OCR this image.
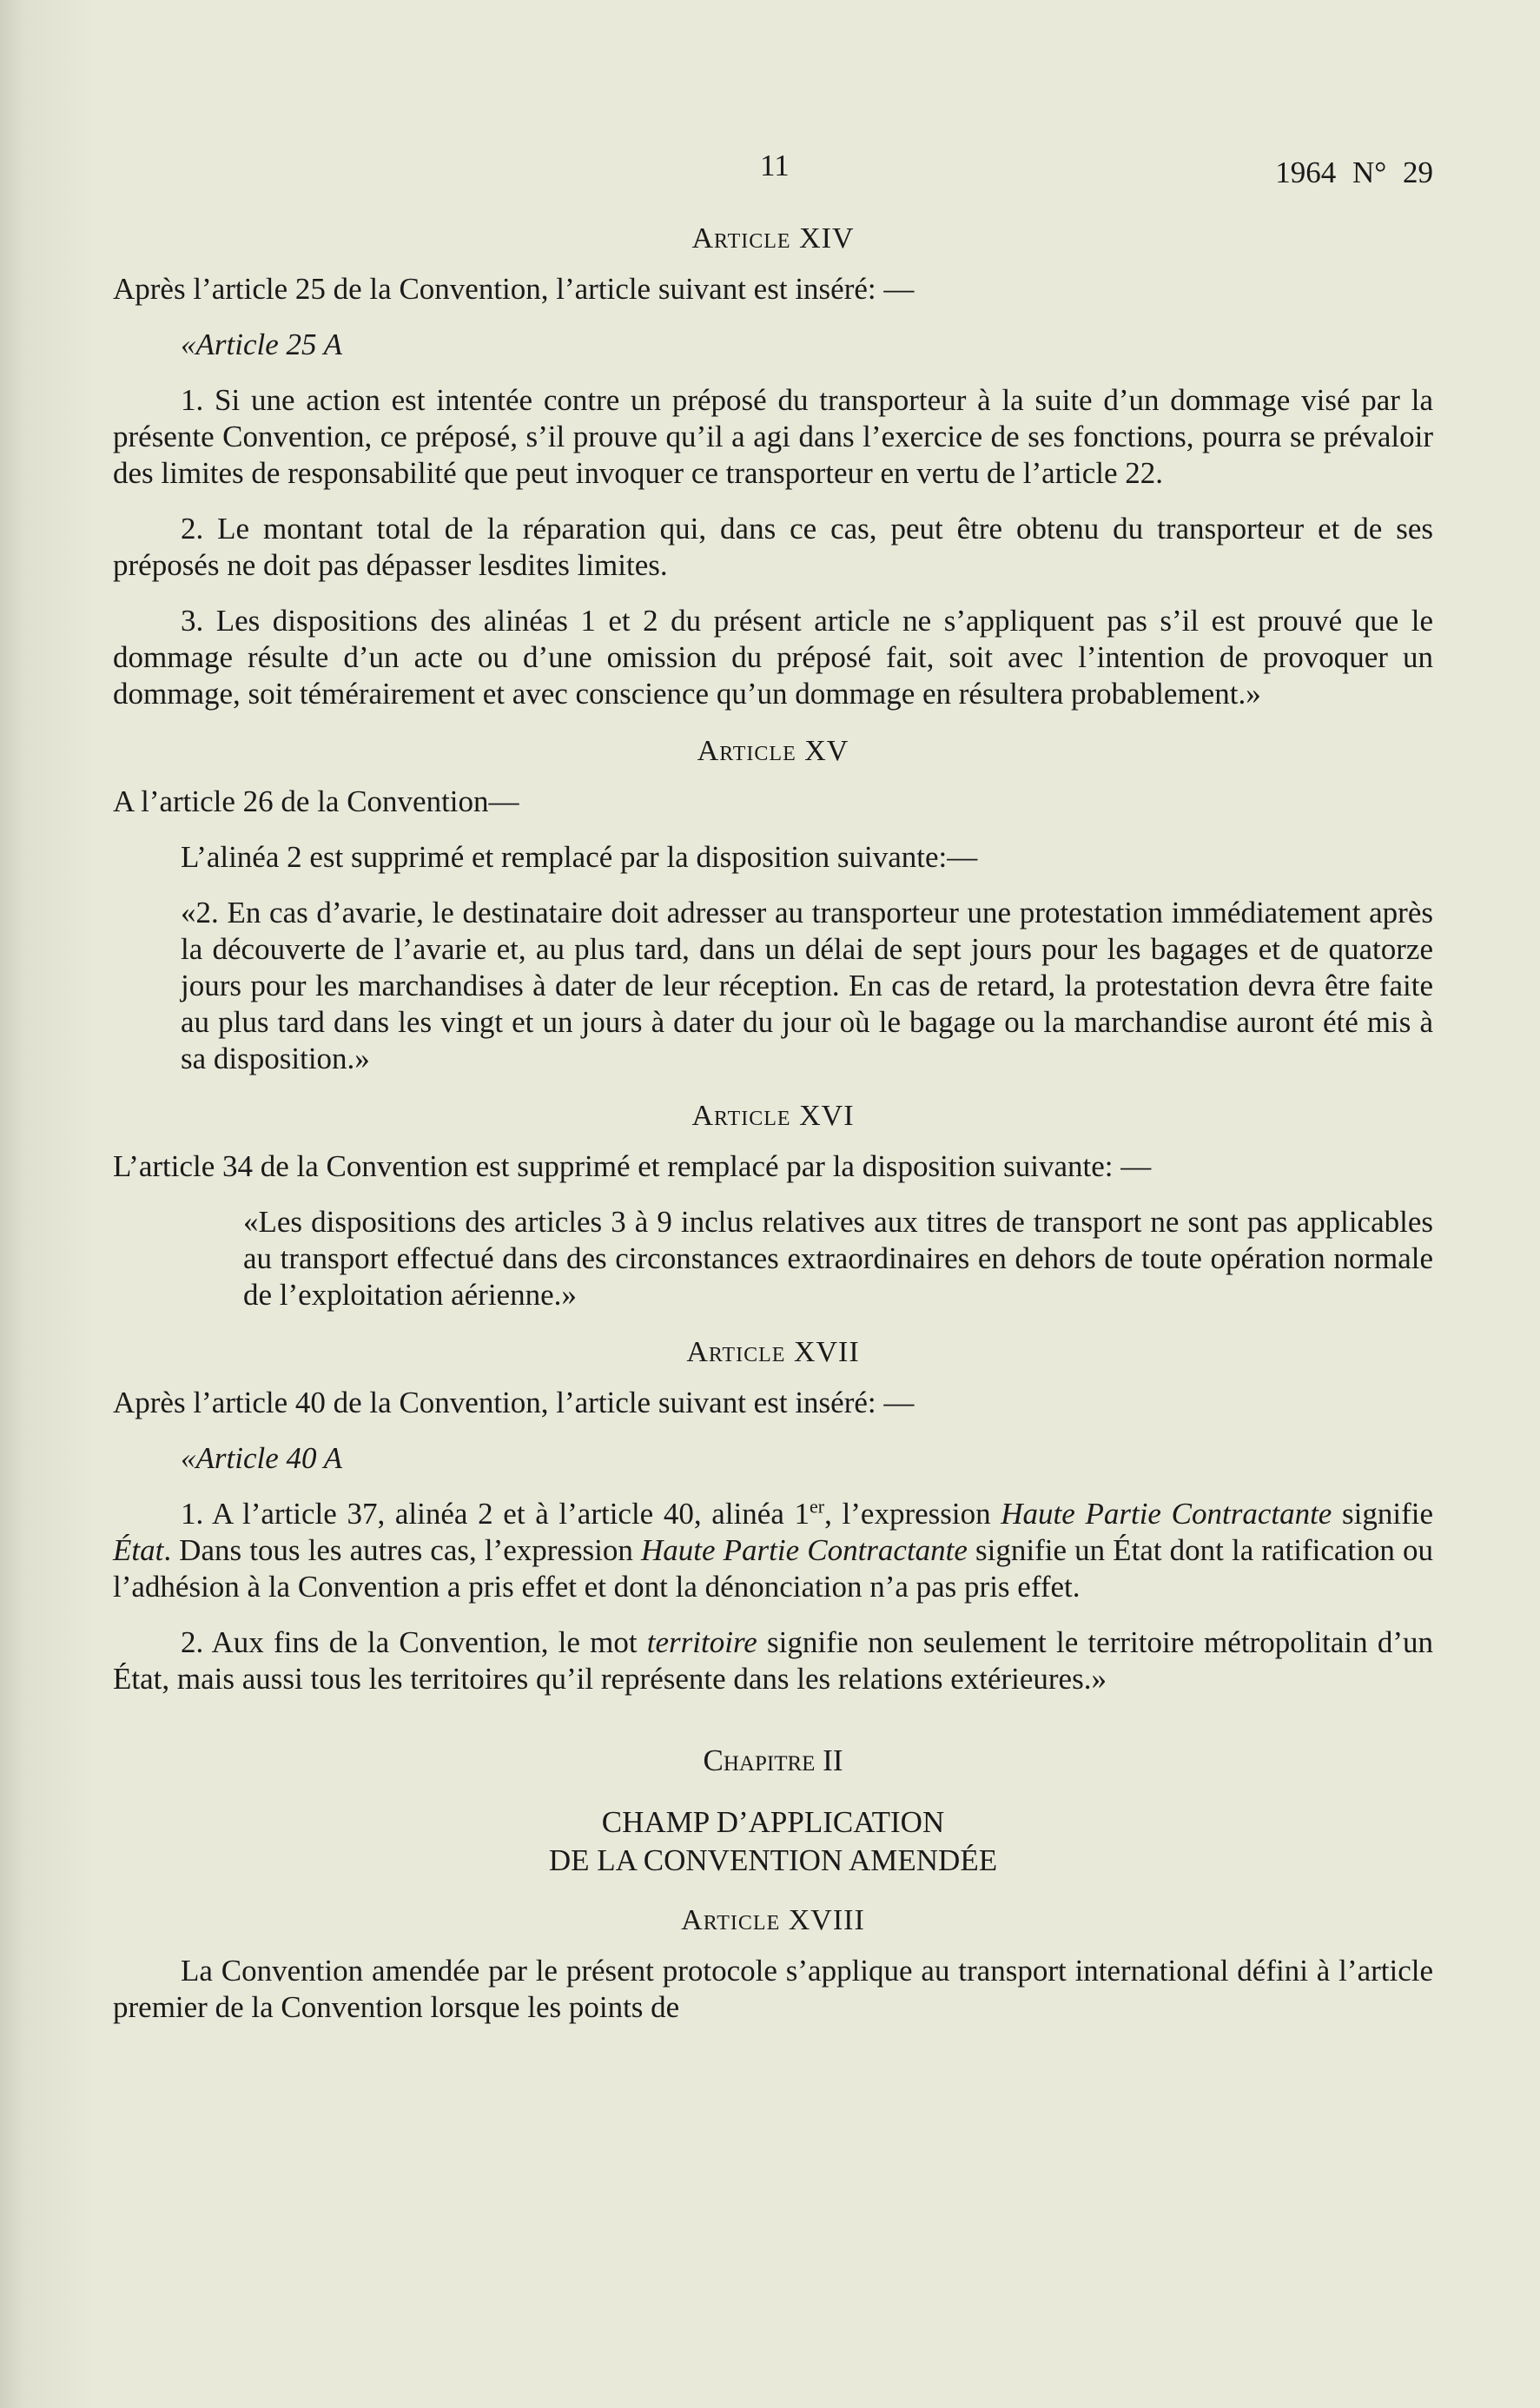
11	1964 N° 29
Article XIV

Après l’article 25 de la Convention, l’article suivant est inséré: —

«Article 25 A

1. Si une action est intentée contre un préposé du transporteur à la suite d’un dommage visé par la présente Convention, ce préposé, s’il prouve qu’il a agi dans l’exercice de ses fonctions, pourra se prévaloir des limites de responsabilité que peut invoquer ce transporteur en vertu de l’article 22.

2. Le montant total de la réparation qui, dans ce cas, peut être obtenu du transporteur et de ses préposés ne doit pas dépasser lesdites limites.

3. Les dispositions des alinéas 1 et 2 du présent article ne s’appliquent pas s’il est prouvé que le dommage résulte d’un acte ou d’une omission du préposé fait, soit avec l’intention de provoquer un dommage, soit témérairement et avec conscience qu’un dommage en résultera probablement.»

Article XV

A l’article 26 de la Convention—

L’alinéa 2 est supprimé et remplacé par la disposition suivante:—

«2. En cas d’avarie, le destinataire doit adresser au transporteur une protestation immédiatement après la découverte de l’avarie et, au plus tard, dans un délai de sept jours pour les bagages et de quatorze jours pour les marchandises à dater de leur réception. En cas de retard, la protestation devra être faite au plus tard dans les vingt et un jours à dater du jour où le bagage ou la marchandise auront été mis à sa disposition.»

Article XVI

L’article 34 de la Convention est supprimé et remplacé par la disposition suivante: —

«Les dispositions des articles 3 à 9 inclus relatives aux titres de transport ne sont pas applicables au transport effectué dans des circonstances extraordinaires en dehors de toute opération normale de l’exploitation aérienne.»

Article XVII

Après l’article 40 de la Convention, l’article suivant est inséré: —

«Article 40 A

1. A l’article 37, alinéa 2 et à l’article 40, alinéa 1er, l’expression Haute Partie Contractante signifie État. Dans tous les autres cas, l’expression Haute Partie Contractante signifie un État dont la ratification ou l’adhésion à la Convention a pris effet et dont la dénonciation n’a pas pris effet.

2. Aux fins de la Convention, le mot territoire signifie non seulement le territoire métropolitain d’un État, mais aussi tous les territoires qu’il représente dans les relations extérieures.»

Chapitre II
CHAMP D’APPLICATION
DE LA CONVENTION AMENDÉE
Article XVIII

La Convention amendée par le présent protocole s’applique au transport international défini à l’article premier de la Convention lorsque les points de
